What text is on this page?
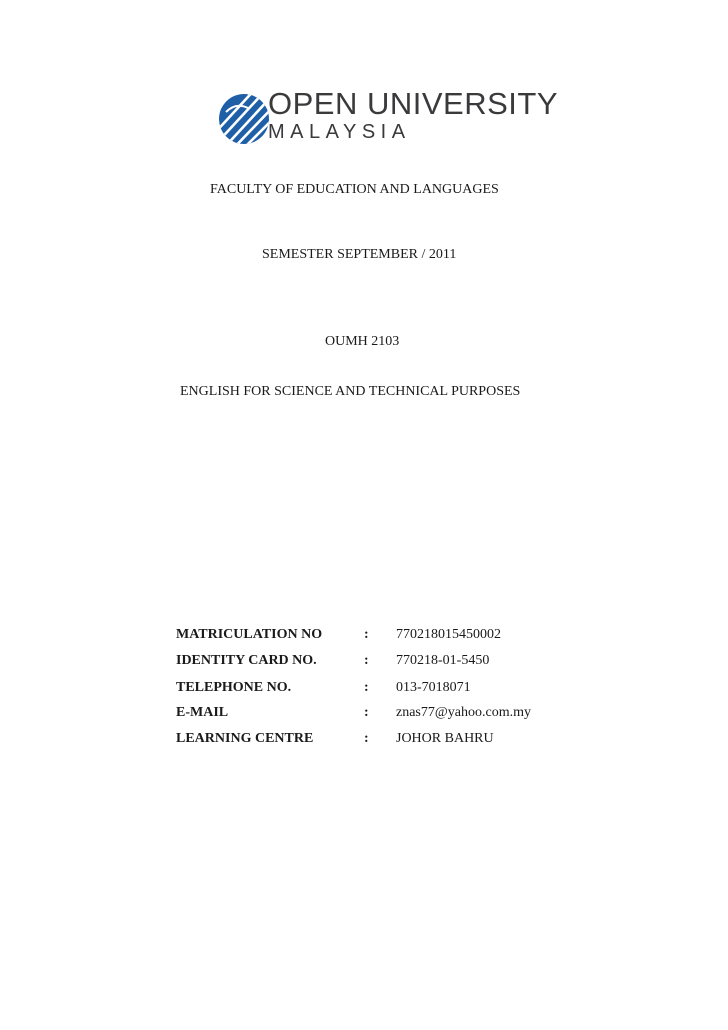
OPEN UNIVERSITY
MALAYSIA
FACULTY OF EDUCATION AND LANGUAGES
SEMESTER SEPTEMBER / 2011
OUMH 2103
ENGLISH FOR SCIENCE AND TECHNICAL PURPOSES
MATRICULATION NO	: 770218015450002
IDENTITY CARD NO.	: 770218-01-5450
TELEPHONE NO.	: 013-7018071
E-MAIL	: znas77@yahoo.com.my
LEARNING CENTRE	: JOHOR BAHRU
